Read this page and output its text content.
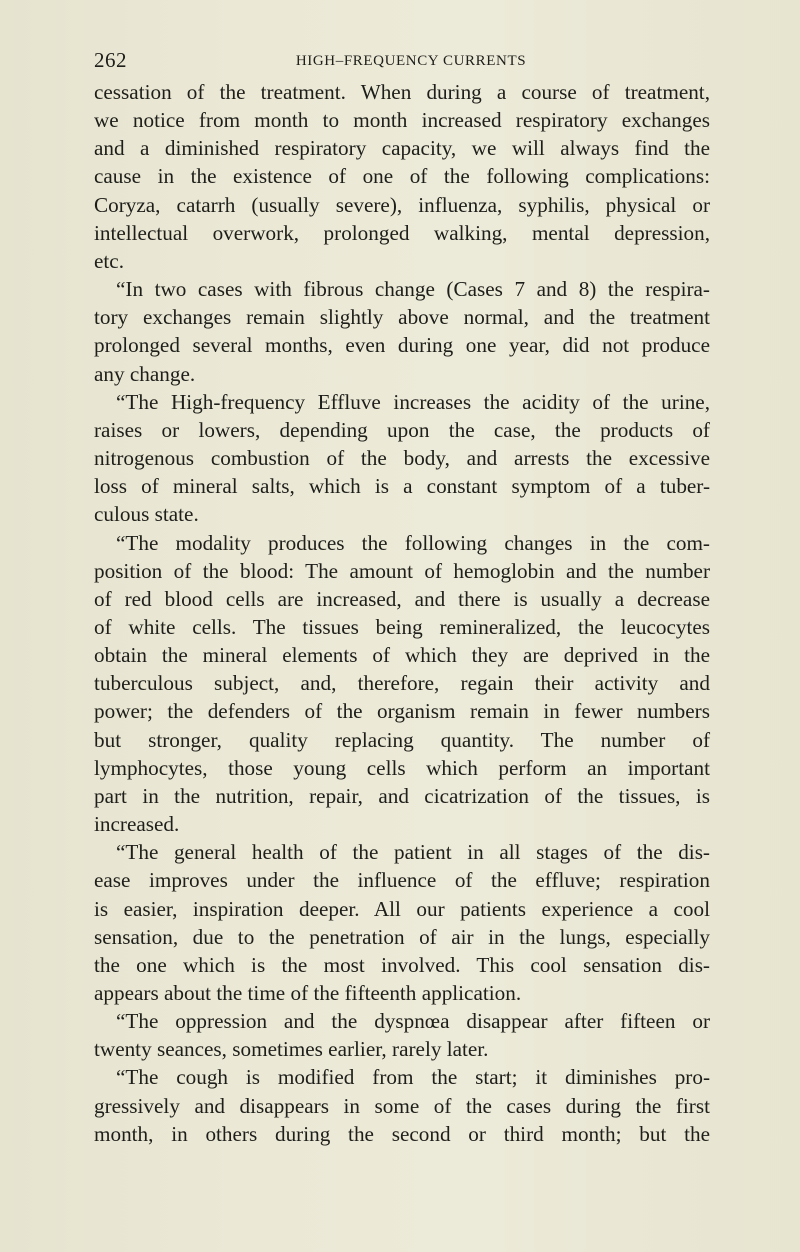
262	HIGH–FREQUENCY CURRENTS

cessation of the treatment. When during a course of treatment,
we notice from month to month increased respiratory exchanges
and a diminished respiratory capacity, we will always find the
cause in the existence of one of the following complications:
Coryza, catarrh (usually severe), influenza, syphilis, physical or
intellectual overwork, prolonged walking, mental depression,
etc.

“In two cases with fibrous change (Cases 7 and 8) the respira-
tory exchanges remain slightly above normal, and the treatment
prolonged several months, even during one year, did not produce
any change.

“The High-frequency Effluve increases the acidity of the urine,
raises or lowers, depending upon the case, the products of
nitrogenous combustion of the body, and arrests the excessive
loss of mineral salts, which is a constant symptom of a tuber-
culous state.

“The modality produces the following changes in the com-
position of the blood: The amount of hemoglobin and the number
of red blood cells are increased, and there is usually a decrease
of white cells. The tissues being remineralized, the leucocytes
obtain the mineral elements of which they are deprived in the
tuberculous subject, and, therefore, regain their activity and
power; the defenders of the organism remain in fewer numbers
but stronger, quality replacing quantity. The number of
lymphocytes, those young cells which perform an important
part in the nutrition, repair, and cicatrization of the tissues, is
increased.

“The general health of the patient in all stages of the dis-
ease improves under the influence of the effluve; respiration
is easier, inspiration deeper. All our patients experience a cool
sensation, due to the penetration of air in the lungs, especially
the one which is the most involved. This cool sensation dis-
appears about the time of the fifteenth application.

“The oppression and the dyspnœa disappear after fifteen or
twenty seances, sometimes earlier, rarely later.

“The cough is modified from the start; it diminishes pro-
gressively and disappears in some of the cases during the first
month, in others during the second or third month; but the
